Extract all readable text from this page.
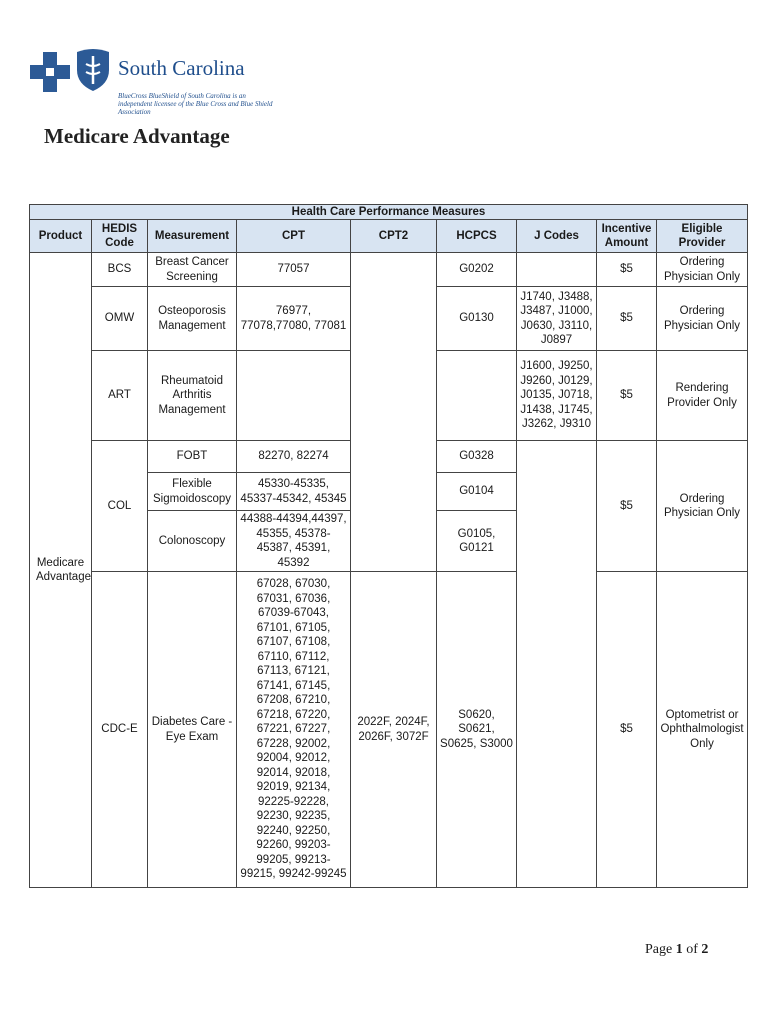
South Carolina
BlueCross BlueShield of South Carolina is an independent licensee of the Blue Cross and Blue Shield Association
Medicare Advantage
Health Care Performance Measures								
Product	HEDIS Code	Measurement	CPT	CPT2	HCPCS	J Codes	Incentive Amount	Eligible Provider
Medicare Advantage	BCS	Breast Cancer Screening	77057		G0202		$5	Ordering Physician Only
	OMW	Osteoporosis Management	76977, 77078,77080, 77081		G0130	J1740, J3488, J3487, J1000, J0630, J3110, J0897	$5	Ordering Physician Only
	ART	Rheumatoid Arthritis Management				J1600, J9250, J9260, J0129, J0135, J0718, J1438, J1745, J3262, J9310	$5	Rendering Provider Only
	COL	FOBT	82270, 82274		G0328		$5	Ordering Physician Only
		Flexible Sigmoidoscopy	45330-45335, 45337-45342, 45345		G0104			
		Colonoscopy	44388-44394,44397, 45355, 45378-45387, 45391, 45392		G0105, G0121			
	CDC-E	Diabetes Care - Eye Exam	67028, 67030, 67031, 67036, 67039-67043, 67101, 67105, 67107, 67108, 67110, 67112, 67113, 67121, 67141, 67145, 67208, 67210, 67218, 67220, 67221, 67227, 67228, 92002, 92004, 92012, 92014, 92018, 92019, 92134, 92225-92228, 92230, 92235, 92240, 92250, 92260, 99203-99205, 99213-99215, 99242-99245	2022F, 2024F, 2026F, 3072F	S0620, S0621, S0625, S3000		$5	Optometrist or Ophthalmologist Only
Page 1 of 2
